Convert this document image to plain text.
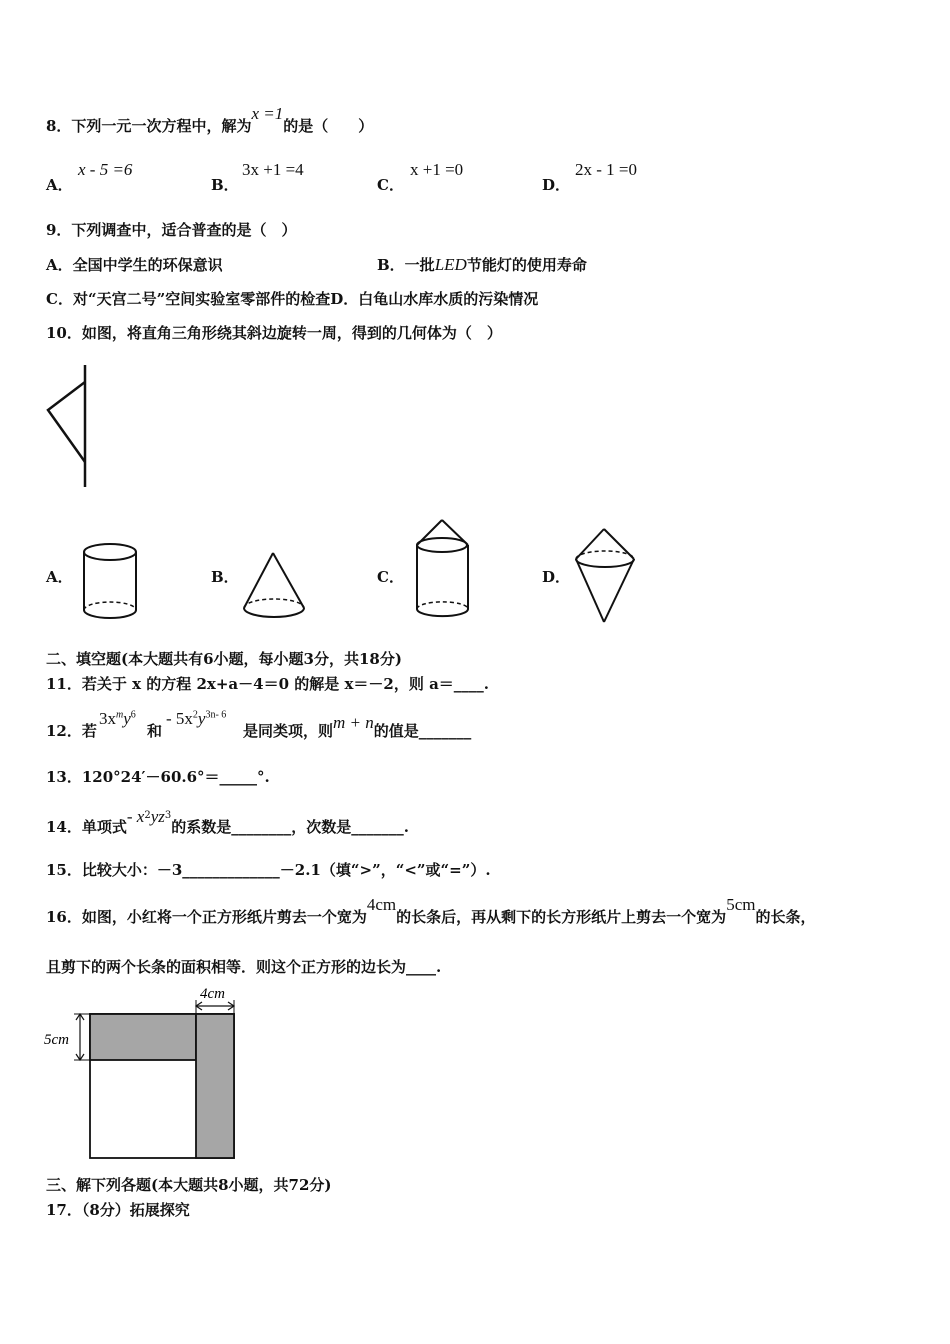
8．下列一元一次方程中，解为x =1的是（　　）
A．
x - 5 =6
B．
3x +1 =4
C．
x +1 =0
D．
2x - 1 =0
9．下列调查中，适合普查的是（　）
A．全国中学生的环保意识	B．一批LED节能灯的使用寿命
C．对“天宫二号”空间实验室零部件的检查D．白龟山水库水质的污染情况
10．如图，将直角三角形绕其斜边旋转一周，得到的几何体为（　）
A．	B．	C．	D．
二、填空题(本大题共有6小题，每小题3分，共18分)
11．若关于 x 的方程 2x+a－4＝0 的解是 x＝－2，则 a＝____.
12．若
$3x^my^6$
和
- $5x^2y^{3n- 6}$
是同类项，则m + n的值是_______
13．120°24′－60.6°＝_____°.
14．单项式- $x^2yz^3$的系数是________，次数是_______.
15．比较大小：－3_____________－2.1（填“>”，“<”或“=”）.
16．如图，小红将一个正方形纸片剪去一个宽为4cm的长条后，再从剩下的长方形纸片上剪去一个宽为5cm的长条，
且剪下的两个长条的面积相等．则这个正方形的边长为____.
4cm
5cm
三、解下列各题(本大题共8小题，共72分)
17．（8分）拓展探究
